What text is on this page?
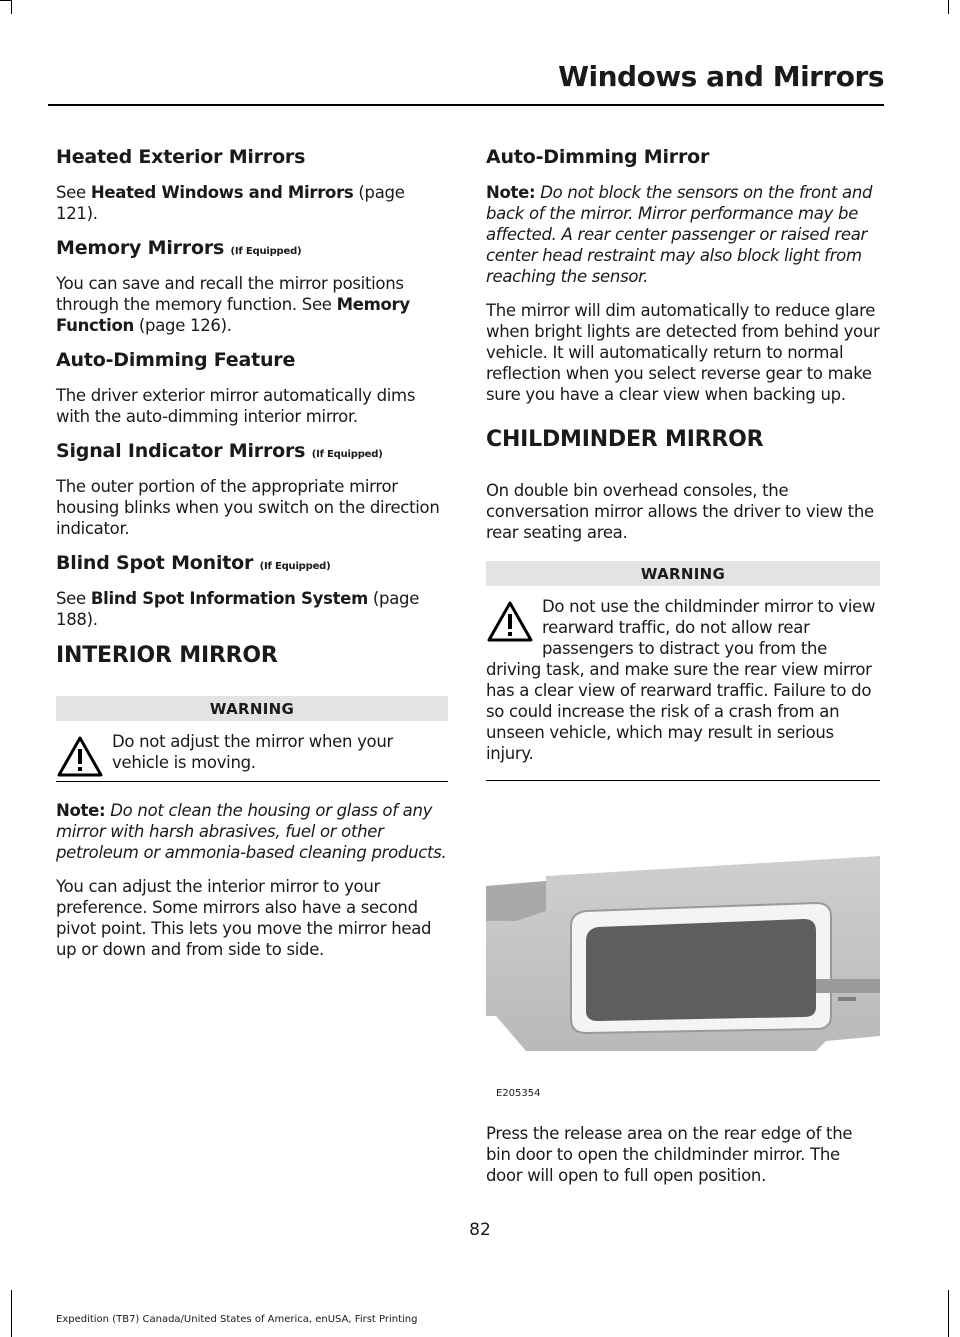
Windows and Mirrors
Heated Exterior Mirrors

See Heated Windows and Mirrors (page 121).

Memory Mirrors (If Equipped)

You can save and recall the mirror positions through the memory function. See Memory Function (page 126).

Auto-Dimming Feature

The driver exterior mirror automatically dims with the auto-dimming interior mirror.

Signal Indicator Mirrors (If Equipped)

The outer portion of the appropriate mirror housing blinks when you switch on the direction indicator.

Blind Spot Monitor (If Equipped)

See Blind Spot Information System (page 188).

INTERIOR MIRROR
WARNING
Do not adjust the mirror when your vehicle is moving.

Note: Do not clean the housing or glass of any mirror with harsh abrasives, fuel or other petroleum or ammonia-based cleaning products.

You can adjust the interior mirror to your preference. Some mirrors also have a second pivot point. This lets you move the mirror head up or down and from side to side.

Auto-Dimming Mirror

Note: Do not block the sensors on the front and back of the mirror. Mirror performance may be affected. A rear center passenger or raised rear center head restraint may also block light from reaching the sensor.

The mirror will dim automatically to reduce glare when bright lights are detected from behind your vehicle. It will automatically return to normal reflection when you select reverse gear to make sure you have a clear view when backing up.

CHILDMINDER MIRROR

On double bin overhead consoles, the conversation mirror allows the driver to view the rear seating area.

WARNING
Do not use the childminder mirror to view rearward traffic, do not allow rear passengers to distract you from the driving task, and make sure the rear view mirror has a clear view of rearward traffic. Failure to do so could increase the risk of a crash from an unseen vehicle, which may result in serious injury.
E205354

Press the release area on the rear edge of the bin door to open the childminder mirror. The door will open to full open position.

82
Expedition (TB7) Canada/United States of America, enUSA, First Printing
